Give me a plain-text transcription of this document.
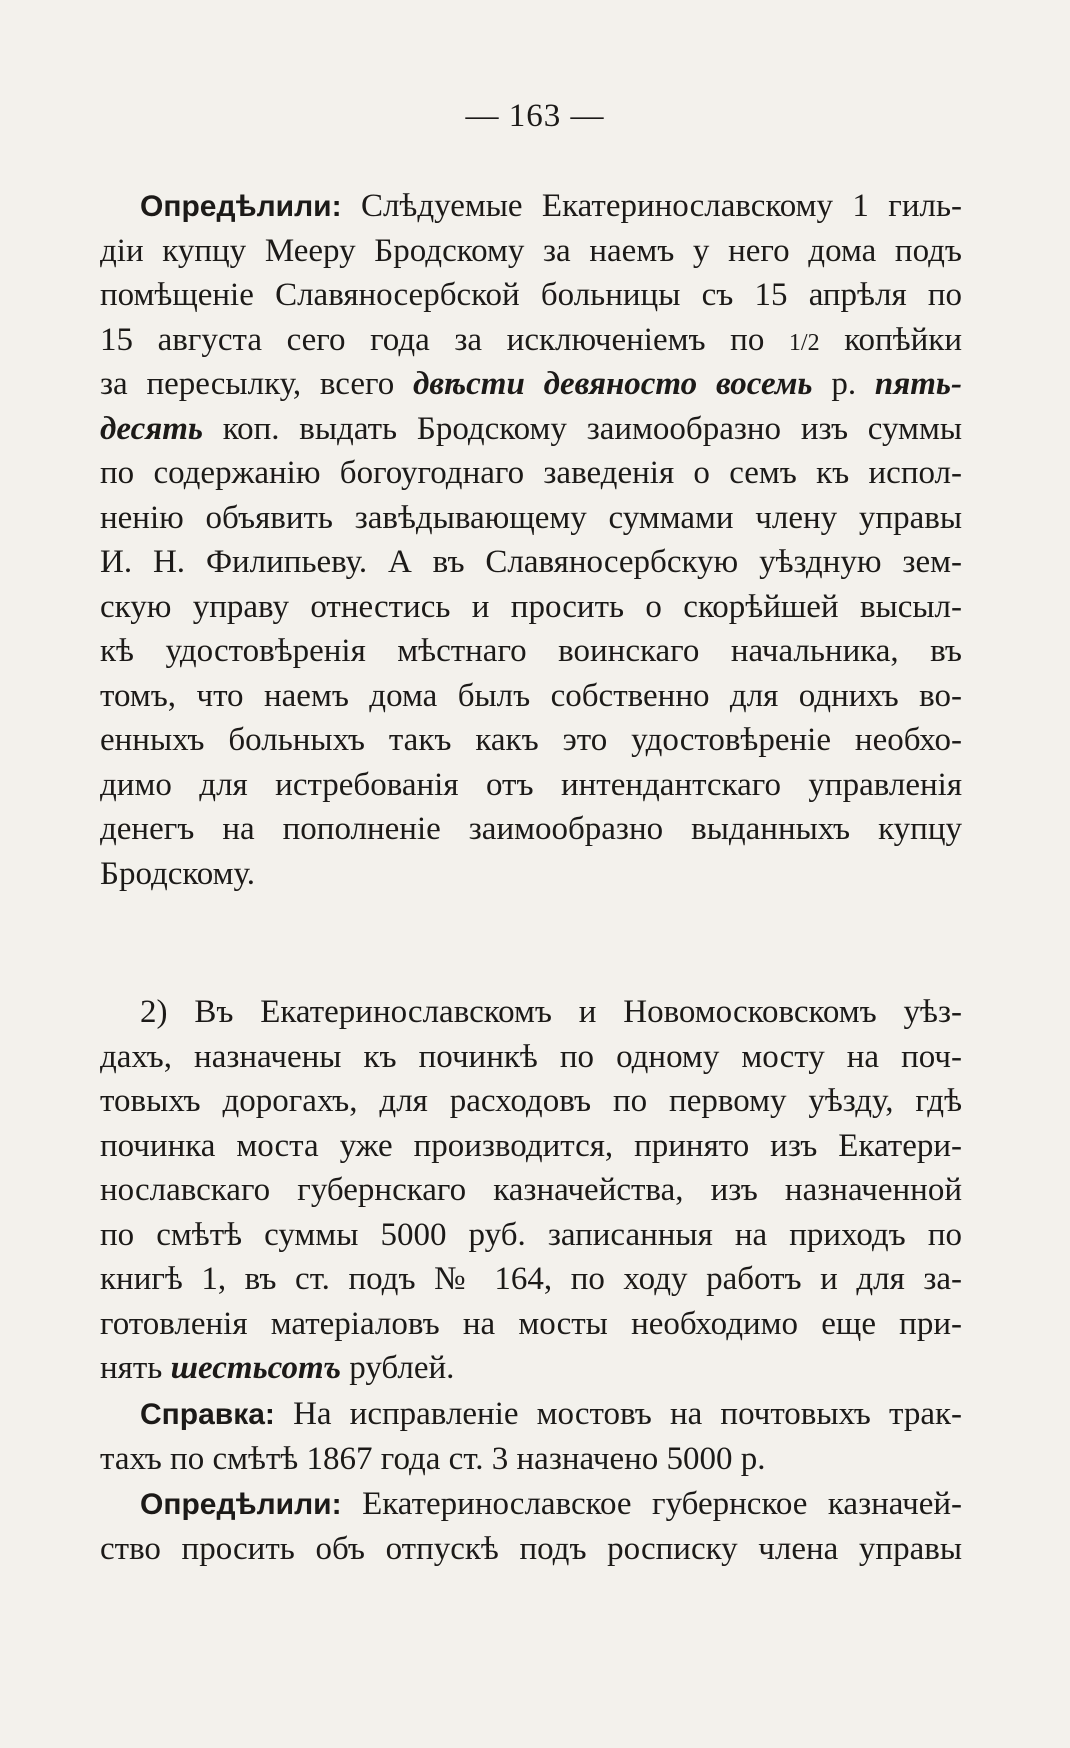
— 163 —
Опредѣлили: Слѣдуемые Екатеринославскому 1 гиль-
діи купцу Мееру Бродскому за наемъ у него дома подъ
помѣщеніе Славяносербской больницы съ 15 апрѣля по
15 августа сего года за исключеніемъ по 1/2 копѣйки
за пересылку, всего двѣсти девяносто восемь р. пять-
десять коп. выдать Бродскому заимообразно изъ суммы
по содержанію богоугоднаго заведенія о семъ къ испол-
ненію объявить завѣдывающему суммами члену управы
И. Н. Филипьеву. А въ Славяносербскую уѣздную зем-
скую управу отнестись и просить о скорѣйшей высыл-
кѣ удостовѣренія мѣстнаго воинскаго начальника, въ
томъ, что наемъ дома былъ собственно для однихъ во-
енныхъ больныхъ такъ какъ это удостовѣреніе необхо-
димо для истребованія отъ интендантскаго управленія
денегъ на пополненіе заимообразно выданныхъ купцу
Бродскому.
2) Въ Екатеринославскомъ и Новомосковскомъ уѣз-
дахъ, назначены къ починкѣ по одному мосту на поч-
товыхъ дорогахъ, для расходовъ по первому уѣзду, гдѣ
починка моста уже производится, принято изъ Екатери-
нославскаго губернскаго казначейства, изъ назначенной
по смѣтѣ суммы 5000 руб. записанныя на приходъ по
книгѣ 1, въ ст. подъ № 164, по ходу работъ и для за-
готовленія матеріаловъ на мосты необходимо еще при-
нять шестьсотъ рублей.
Справка: На исправленіе мостовъ на почтовыхъ трак-
тахъ по смѣтѣ 1867 года ст. 3 назначено 5000 р.
Опредѣлили: Екатеринославское губернское казначей-
ство просить объ отпускѣ подъ росписку члена управы
